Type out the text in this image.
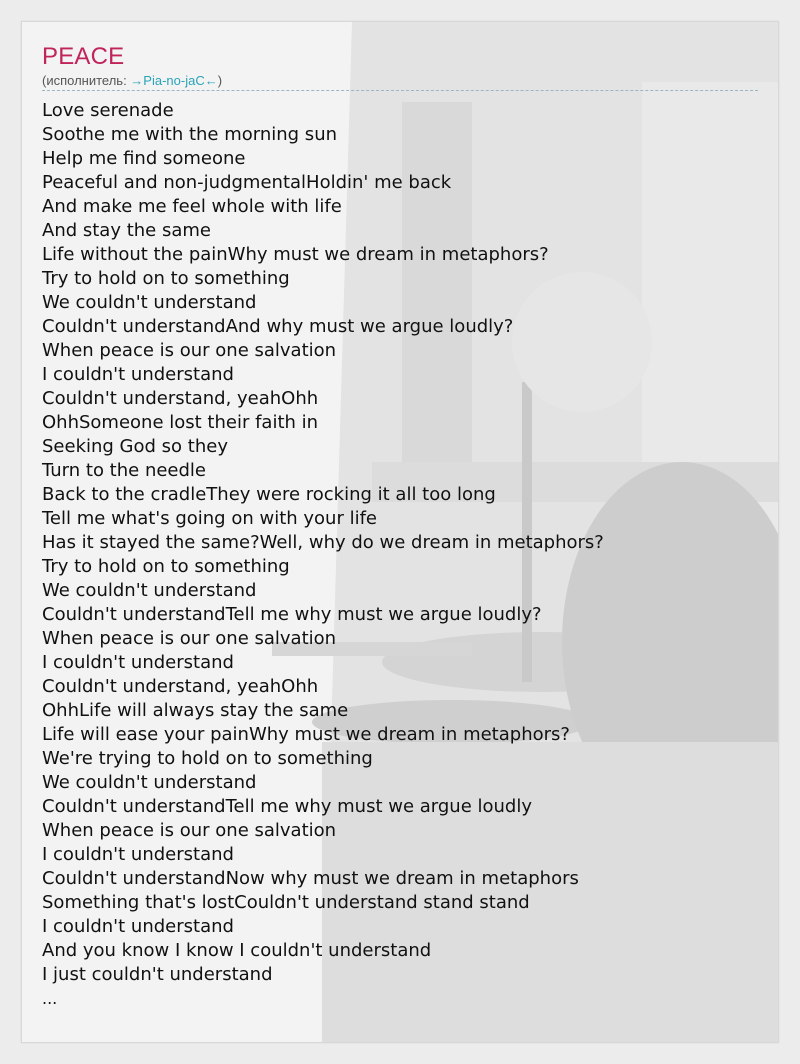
PEACE
(исполнитель: →Pia-no-jaC←)
Love serenade
Soothe me with the morning sun
Help me find someone
Peaceful and non-judgmentalHoldin' me back
And make me feel whole with life
And stay the same
Life without the painWhy must we dream in metaphors?
Try to hold on to something
We couldn't understand
Couldn't understandAnd why must we argue loudly?
When peace is our one salvation
I couldn't understand
Couldn't understand, yeahOhh
OhhSomeone lost their faith in
Seeking God so they
Turn to the needle
Back to the cradleThey were rocking it all too long
Tell me what's going on with your life
Has it stayed the same?Well, why do we dream in metaphors?
Try to hold on to something
We couldn't understand
Couldn't understandTell me why must we argue loudly?
When peace is our one salvation
I couldn't understand
Couldn't understand, yeahOhh
OhhLife will always stay the same
Life will ease your painWhy must we dream in metaphors?
We're trying to hold on to something
We couldn't understand
Couldn't understandTell me why must we argue loudly
When peace is our one salvation
I couldn't understand
Couldn't understandNow why must we dream in metaphors
Something that's lostCouldn't understand stand stand
I couldn't understand
And you know I know I couldn't understand
I just couldn't understand
...
